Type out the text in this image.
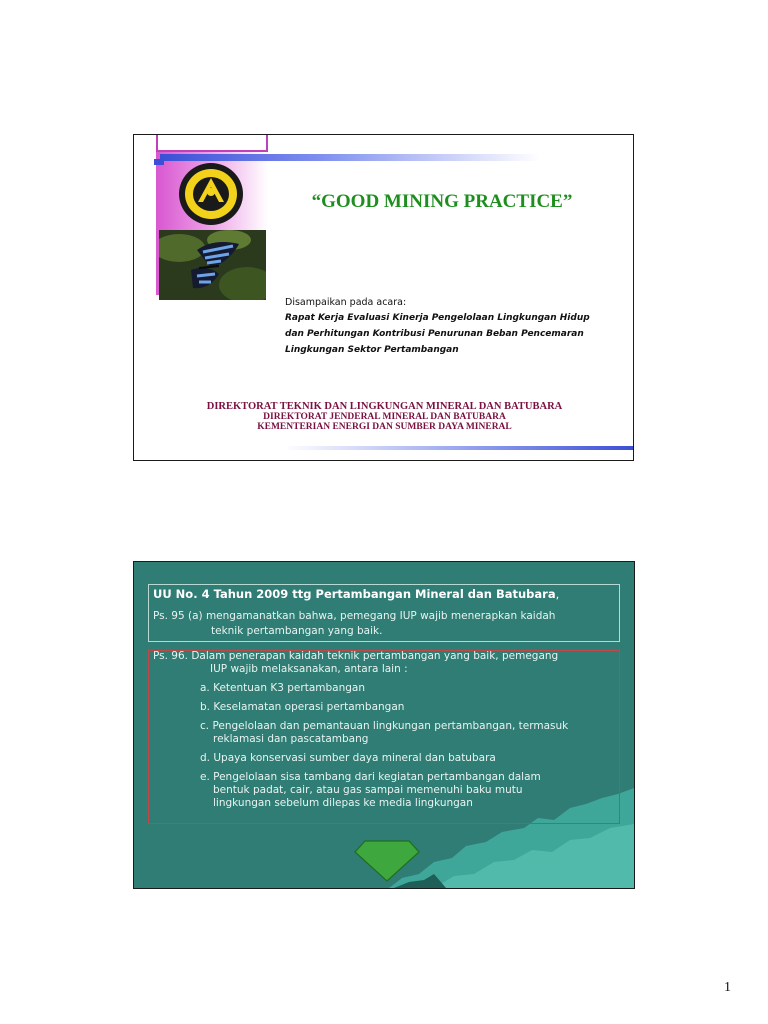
“GOOD MINING PRACTICE”
Disampaikan pada acara:
Rapat Kerja Evaluasi Kinerja Pengelolaan Lingkungan Hidup
dan Perhitungan Kontribusi Penurunan Beban Pencemaran
Lingkungan Sektor Pertambangan
DIREKTORAT TEKNIK DAN LINGKUNGAN MINERAL DAN BATUBARA
DIREKTORAT JENDERAL MINERAL DAN BATUBARA
KEMENTERIAN ENERGI DAN SUMBER DAYA MINERAL
UU No. 4 Tahun 2009 ttg Pertambangan Mineral dan Batubara,
Ps. 95 (a) mengamanatkan bahwa, pemegang IUP wajib menerapkan kaidah
teknik pertambangan yang baik.
Ps. 96. Dalam penerapan kaidah teknik pertambangan yang baik, pemegang
IUP wajib melaksanakan, antara lain :
a. Ketentuan K3 pertambangan
b. Keselamatan operasi pertambangan
c. Pengelolaan dan pemantauan lingkungan pertambangan, termasuk
reklamasi dan pascatambang
d. Upaya konservasi sumber daya mineral dan batubara
e. Pengelolaan sisa tambang dari kegiatan pertambangan dalam
bentuk padat, cair, atau gas sampai memenuhi baku mutu
lingkungan sebelum dilepas ke media lingkungan
1
